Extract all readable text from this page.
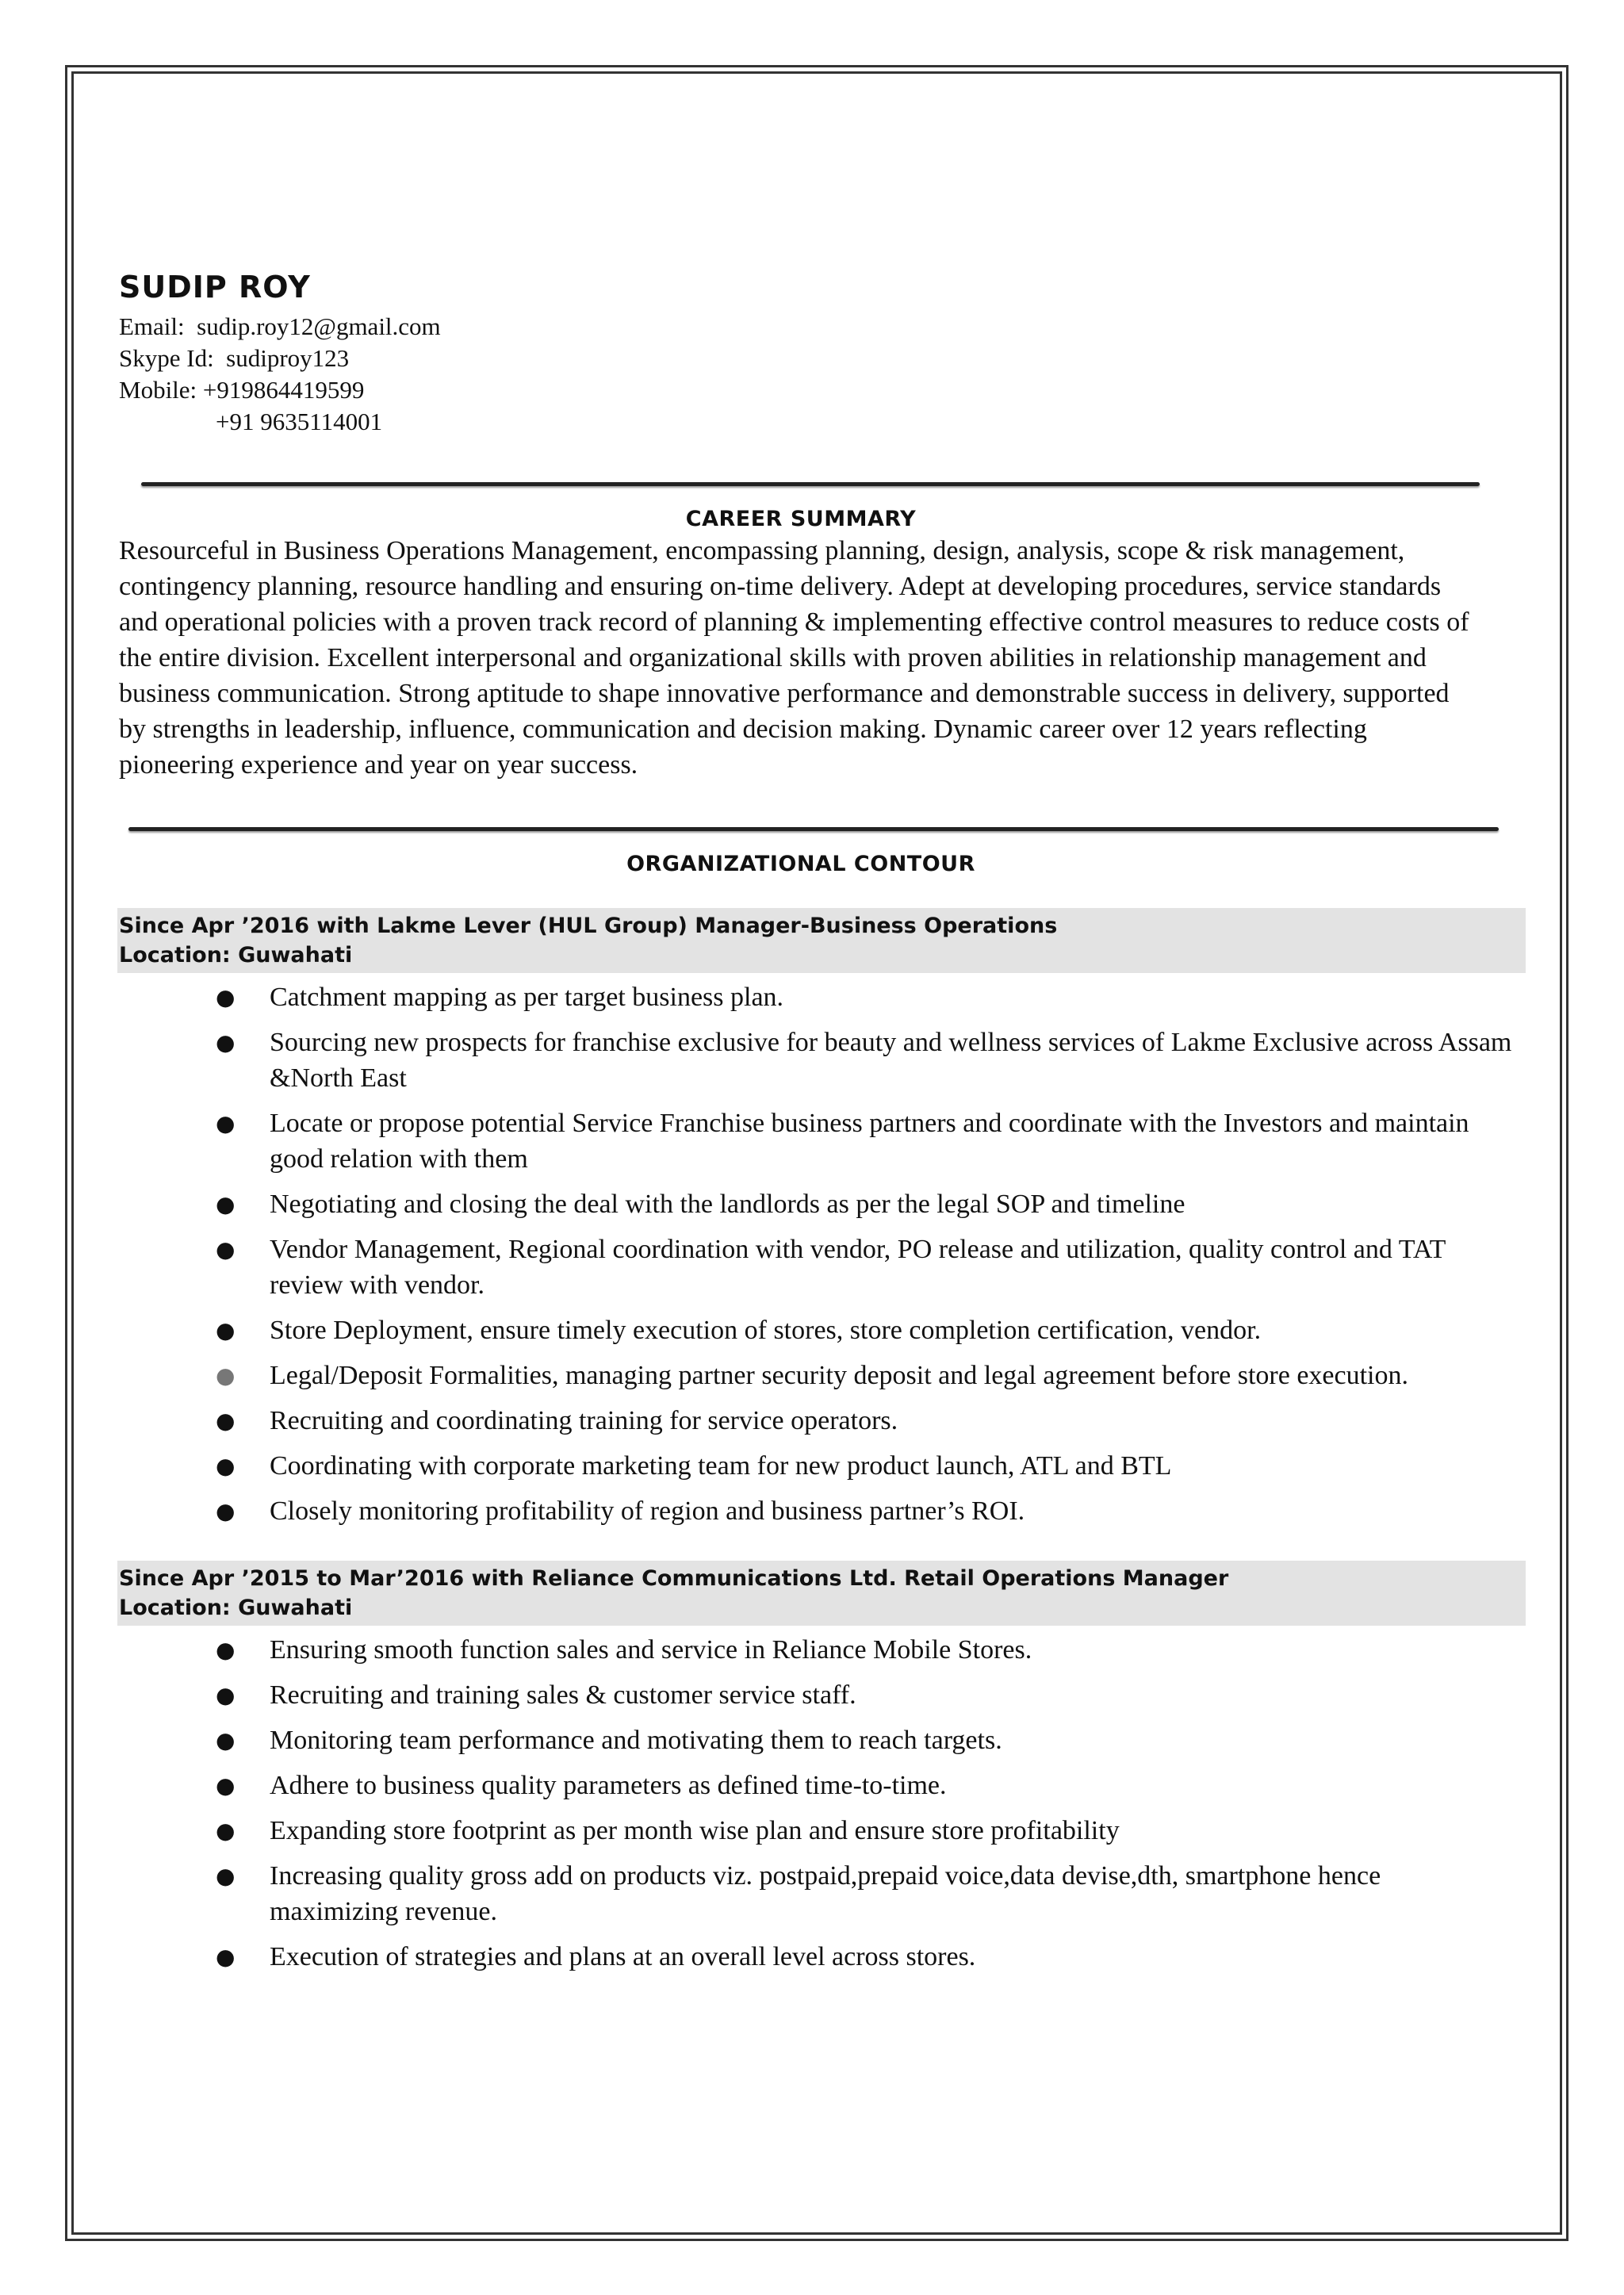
SUDIP ROY
Email:  sudip.roy12@gmail.com
Skype Id:  sudiproy123
Mobile: +919864419599
+91 9635114001
CAREER SUMMARY

Resourceful in Business Operations Management, encompassing planning, design, analysis, scope & risk management, contingency planning, resource handling and ensuring on-time delivery. Adept at developing procedures, service standards and operational policies with a proven track record of planning & implementing effective control measures to reduce costs of the entire division. Excellent interpersonal and organizational skills with proven abilities in relationship management and business communication. Strong aptitude to shape innovative performance and demonstrable success in delivery, supported by strengths in leadership, influence, communication and decision making. Dynamic career over 12 years reflecting pioneering experience and year on year success.

ORGANIZATIONAL CONTOUR
Since Apr ’2016 with Lakme Lever (HUL Group) Manager-Business Operations
Location: Guwahati
● Catchment mapping as per target business plan.
● Sourcing new prospects for franchise exclusive for beauty and wellness services of Lakme Exclusive across Assam &North East
● Locate or propose potential Service Franchise business partners and coordinate with the Investors and maintain good relation with them
● Negotiating and closing the deal with the landlords as per the legal SOP and timeline
● Vendor Management, Regional coordination with vendor, PO release and utilization, quality control and TAT review with vendor.
● Store Deployment, ensure timely execution of stores, store completion certification, vendor.
● Legal/Deposit Formalities, managing partner security deposit and legal agreement before store execution.
● Recruiting and coordinating training for service operators.
● Coordinating with corporate marketing team for new product launch, ATL and BTL
● Closely monitoring profitability of region and business partner’s ROI.
Since Apr ’2015 to Mar’2016 with Reliance Communications Ltd. Retail Operations Manager
Location: Guwahati
● Ensuring smooth function sales and service in Reliance Mobile Stores.
● Recruiting and training sales & customer service staff.
● Monitoring team performance and motivating them to reach targets.
● Adhere to business quality parameters as defined time-to-time.
● Expanding store footprint as per month wise plan and ensure store profitability
● Increasing quality gross add on products viz. postpaid,prepaid voice,data devise,dth, smartphone hence maximizing revenue.
● Execution of strategies and plans at an overall level across stores.
